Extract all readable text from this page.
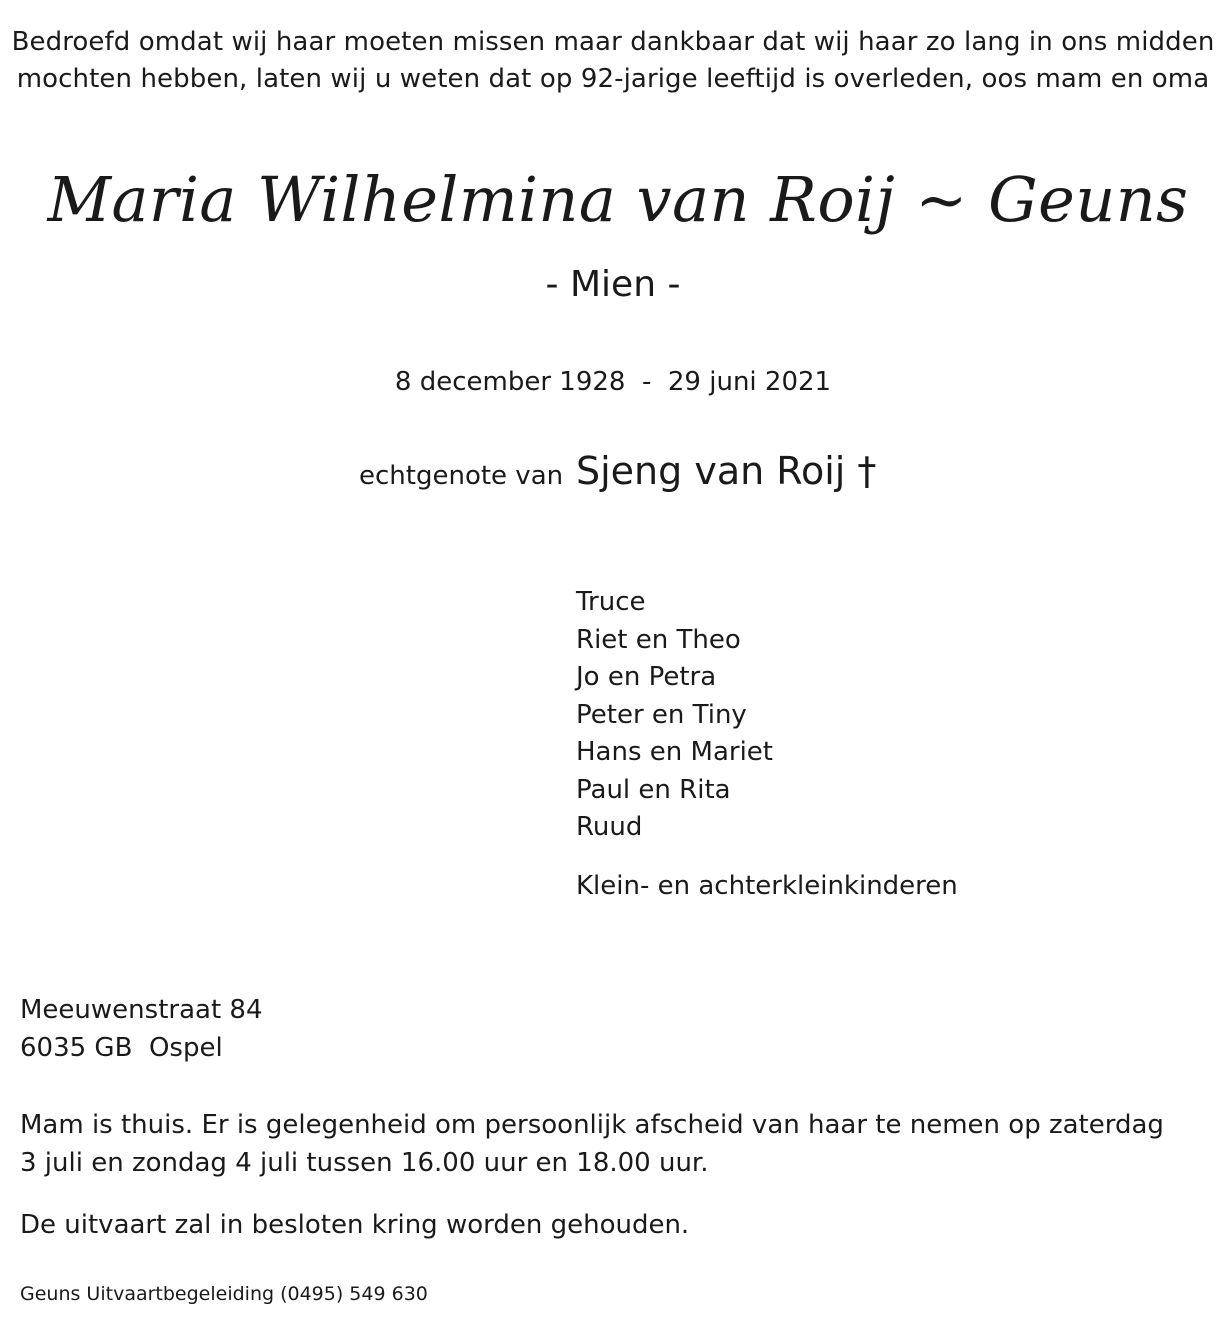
Bedroefd omdat wij haar moeten missen maar dankbaar dat wij haar zo lang in ons midden
mochten hebben, laten wij u weten dat op 92-jarige leeftijd is overleden, oos mam en oma
Maria Wilhelmina van Roij ~ Geuns
- Mien -
8 december 1928  -  29 juni 2021
echtgenote van Sjeng van Roij †
Truce
Riet en Theo
Jo en Petra
Peter en Tiny
Hans en Mariet
Paul en Rita
Ruud
Klein- en achterkleinkinderen
Meeuwenstraat 84
6035 GB  Ospel
Mam is thuis. Er is gelegenheid om persoonlijk afscheid van haar te nemen op zaterdag
3 juli en zondag 4 juli tussen 16.00 uur en 18.00 uur.
De uitvaart zal in besloten kring worden gehouden.
Geuns Uitvaartbegeleiding (0495) 549 630
